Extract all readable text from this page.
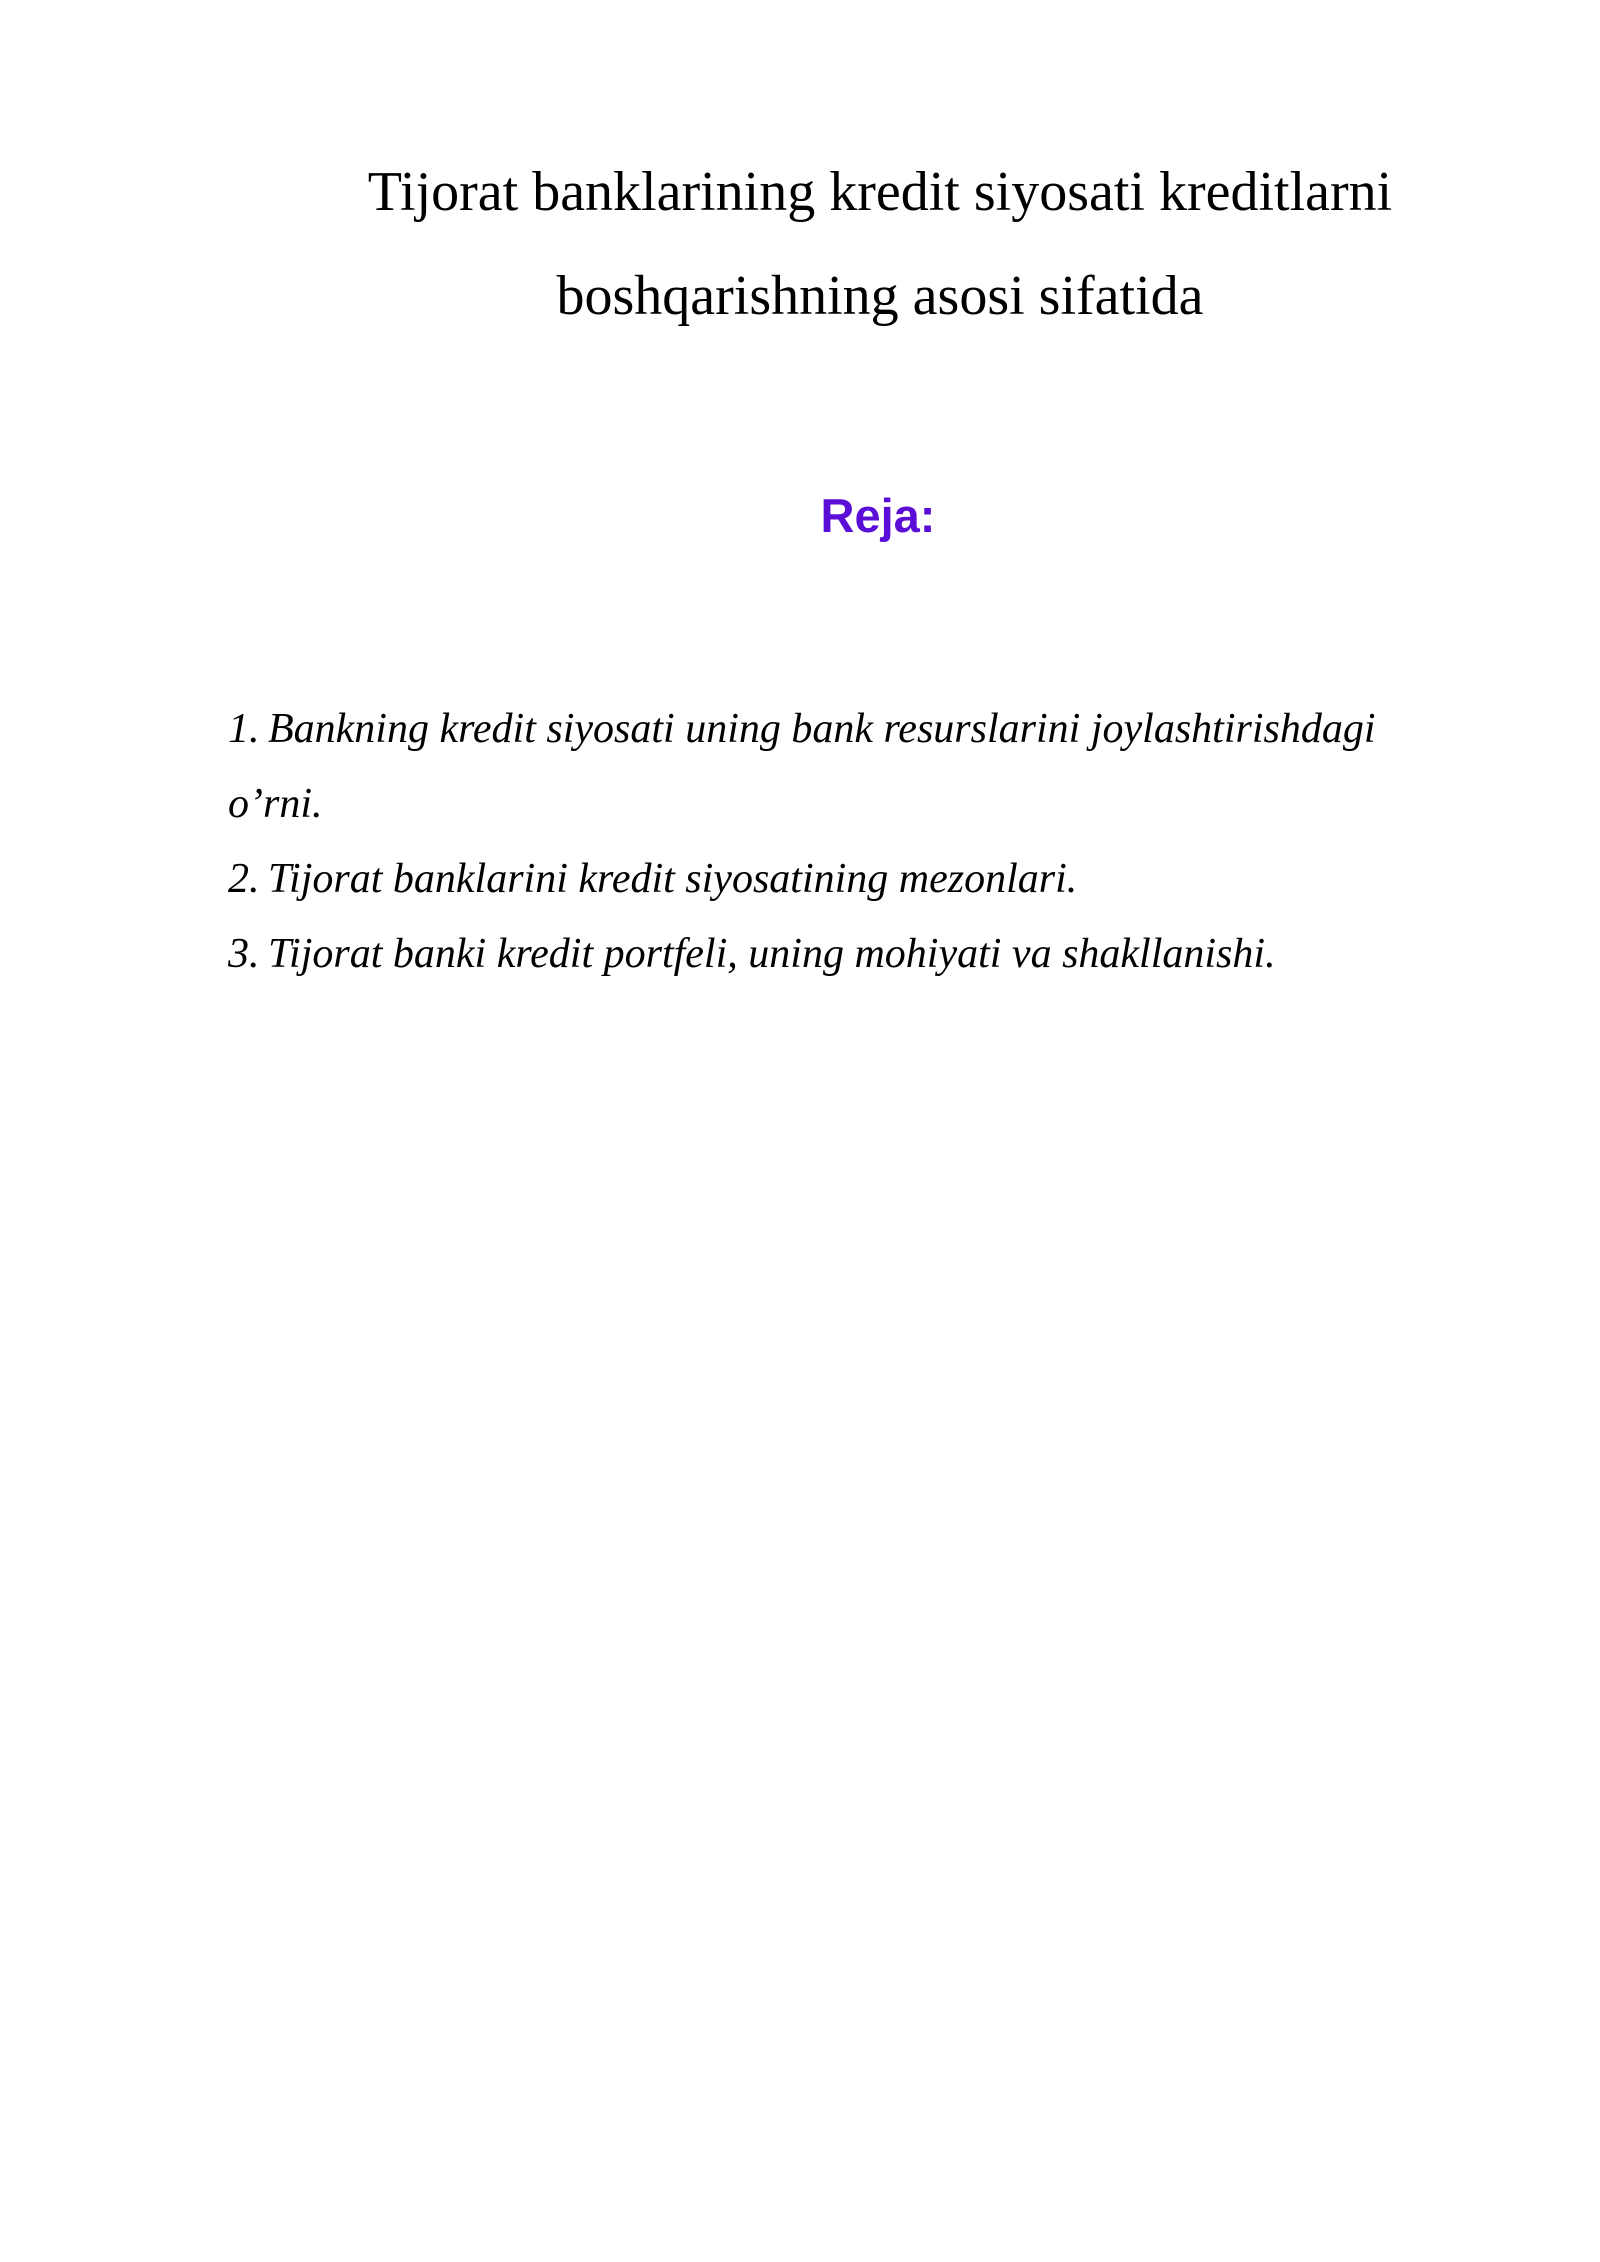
Tijorat banklarining kredit siyosati kreditlarni
boshqarishning asosi sifatida
Reja:
1. Bankning kredit siyosati uning bank resurslarini joylashtirishdagi o’rni.
2. Tijorat banklarini kredit siyosatining mezonlari.
3. Tijorat banki kredit portfeli, uning mohiyati va shakllanishi.
